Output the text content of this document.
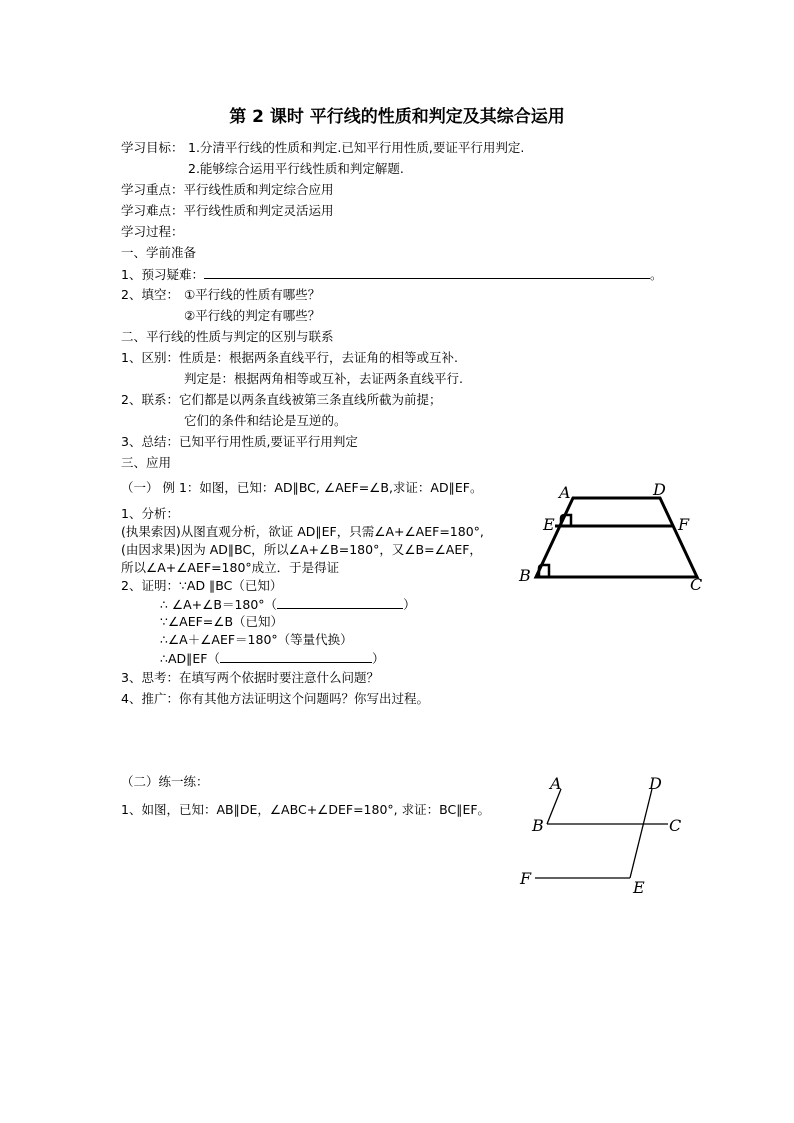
第 2 课时 平行线的性质和判定及其综合运用
学习目标： 1.分清平行线的性质和判定.已知平行用性质,要证平行用判定.
2.能够综合运用平行线性质和判定解题.
学习重点：平行线性质和判定综合应用
学习难点：平行线性质和判定灵活运用
学习过程：
一、学前准备
1、预习疑难：	。
2、填空： ①平行线的性质有哪些？
②平行线的判定有哪些？
二、平行线的性质与判定的区别与联系
1、区别：性质是：根据两条直线平行，去证角的相等或互补.
判定是：根据两角相等或互补，去证两条直线平行.
2、联系：它们都是以两条直线被第三条直线所截为前提；
它们的条件和结论是互逆的。
3、总结：已知平行用性质,要证平行用判定
三、应用
（一） 例 1：如图，已知：AD∥BC, ∠AEF=∠B,求证：AD∥EF。
1、分析：
(执果索因)从图直观分析，欲证 AD∥EF，只需∠A+∠AEF=180°,
(由因求果)因为 AD∥BC，所以∠A+∠B=180°，又∠B=∠AEF，
所以∠A+∠AEF=180°成立．于是得证
2、证明：∵AD ∥BC（已知）
∴ ∠A+∠B＝180°（	）
∵∠AEF=∠B（已知）
∴∠A＋∠AEF＝180°（等量代换）
∴AD∥EF（	）
3、思考：在填写两个依据时要注意什么问题？
4、推广：你有其他方法证明这个问题吗？你写出过程。
（二）练一练：
1、如图，已知：AB∥DE，∠ABC+∠DEF=180°, 求证：BC∥EF。
A	D
E	F
B	C
A	D
B	C
F	E
